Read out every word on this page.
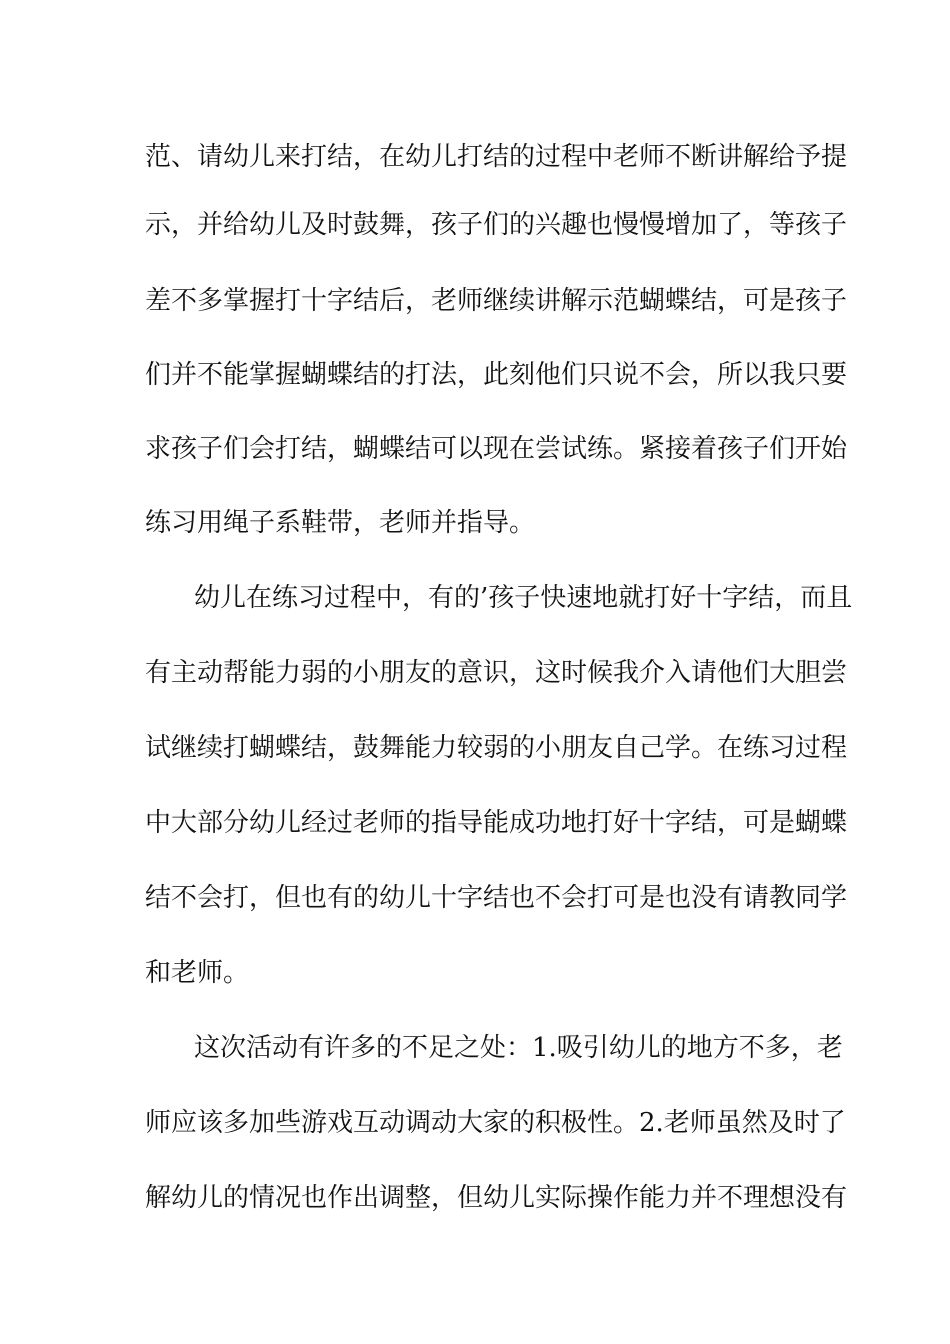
范、请幼儿来打结，在幼儿打结的过程中老师不断讲解给予提
示，并给幼儿及时鼓舞，孩子们的兴趣也慢慢增加了，等孩子
差不多掌握打十字结后，老师继续讲解示范蝴蝶结，可是孩子
们并不能掌握蝴蝶结的打法，此刻他们只说不会，所以我只要
求孩子们会打结，蝴蝶结可以现在尝试练。紧接着孩子们开始
练习用绳子系鞋带，老师并指导。
幼儿在练习过程中，有的’孩子快速地就打好十字结，而且
有主动帮能力弱的小朋友的意识，这时候我介入请他们大胆尝
试继续打蝴蝶结，鼓舞能力较弱的小朋友自己学。在练习过程
中大部分幼儿经过老师的指导能成功地打好十字结，可是蝴蝶
结不会打，但也有的幼儿十字结也不会打可是也没有请教同学
和老师。
这次活动有许多的不足之处：1.吸引幼儿的地方不多，老
师应该多加些游戏互动调动大家的积极性。2.老师虽然及时了
解幼儿的情况也作出调整，但幼儿实际操作能力并不理想没有
